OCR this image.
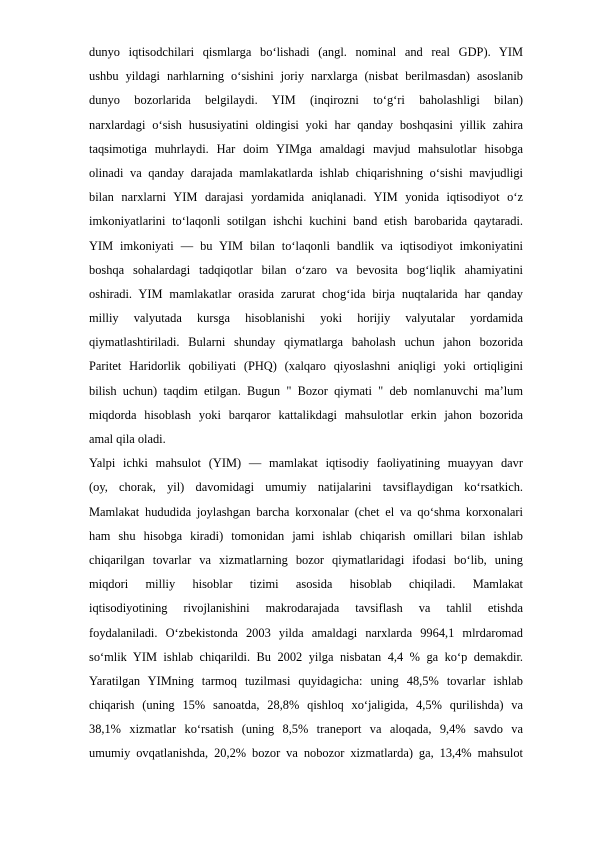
dunyo iqtisodchilari qismlarga bo‘lishadi (angl. nominal and real GDP). YIM
ushbu yildagi narhlarning o‘sishini joriy narxlarga (nisbat berilmasdan) asoslanib
dunyo bozorlarida belgilaydi. YIM (inqirozni to‘g‘ri baholashligi bilan)
narxlardagi o‘sish hususiyatini oldingisi yoki har qanday boshqasini yillik zahira
taqsimotiga muhrlaydi. Har doim YIMga amaldagi mavjud mahsulotlar hisobga
olinadi va qanday darajada mamlakatlarda ishlab chiqarishning o‘sishi mavjudligi
bilan narxlarni YIM darajasi yordamida aniqlanadi. YIM yonida iqtisodiyot o‘z
imkoniyatlarini to‘laqonli sotilgan ishchi kuchini band etish barobarida qaytaradi.
YIM imkoniyati — bu YIM bilan to‘laqonli bandlik va iqtisodiyot imkoniyatini
boshqa sohalardagi tadqiqotlar bilan o‘zaro va bevosita bog‘liqlik ahamiyatini
oshiradi. YIM mamlakatlar orasida zarurat chog‘ida birja nuqtalarida har qanday
milliy valyutada kursga hisoblanishi yoki horijiy valyutalar yordamida
qiymatlashtiriladi. Bularni shunday qiymatlarga baholash uchun jahon bozorida
Paritet Haridorlik qobiliyati (PHQ) (xalqaro qiyoslashni aniqligi yoki ortiqligini
bilish uchun) taqdim etilgan. Bugun " Bozor qiymati " deb nomlanuvchi ma’lum
miqdorda hisoblash yoki barqaror kattalikdagi mahsulotlar erkin jahon bozorida
amal qila oladi.
Yalpi ichki mahsulot (YIM) — mamlakat iqtisodiy faoliyatining muayyan davr
(oy, chorak, yil) davomidagi umumiy natijalarini tavsiflaydigan ko‘rsatkich.
Mamlakat hududida joylashgan barcha korxonalar (chet el va qo‘shma korxonalari
ham shu hisobga kiradi) tomonidan jami ishlab chiqarish omillari bilan ishlab
chiqarilgan tovarlar va xizmatlarning bozor qiymatlaridagi ifodasi bo‘lib, uning
miqdori milliy hisoblar tizimi asosida hisoblab chiqiladi. Mamlakat
iqtisodiyotining rivojlanishini makrodarajada tavsiflash va tahlil etishda
foydalaniladi. O‘zbekistonda 2003 yilda amaldagi narxlarda 9964,1 mlrdaromad
so‘mlik YIM ishlab chiqarildi. Bu 2002 yilga nisbatan 4,4 % ga ko‘p demakdir.
Yaratilgan YIMning tarmoq tuzilmasi quyidagicha: uning 48,5% tovarlar ishlab
chiqarish (uning 15% sanoatda, 28,8% qishloq xo‘jaligida, 4,5% qurilishda) va
38,1% xizmatlar ko‘rsatish (uning 8,5% traneport va aloqada, 9,4% savdo va
umumiy ovqatlanishda, 20,2% bozor va nobozor xizmatlarda) ga, 13,4% mahsulot
